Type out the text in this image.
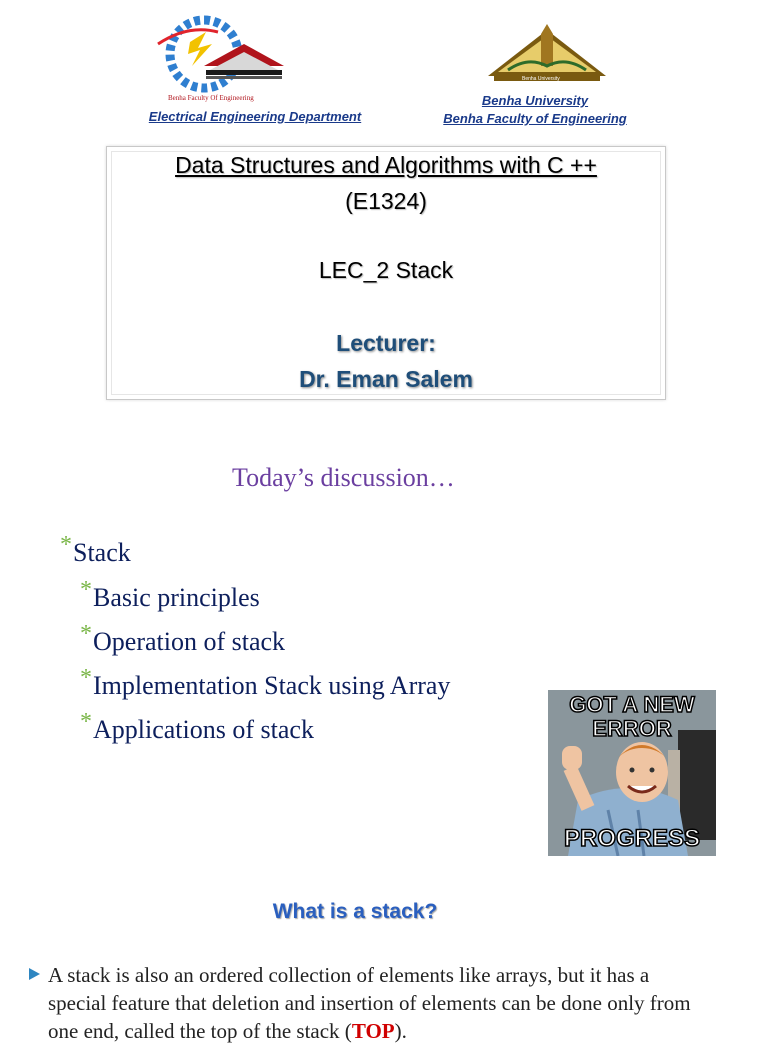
Benha Faculty Of Engineering
Benha University
Electrical Engineering Department
Benha University
Benha Faculty of Engineering
Data Structures and Algorithms with C ++
(E1324)
LEC_2 Stack
Lecturer:
Dr. Eman Salem
Today’s discussion…
*Stack
*Basic principles
*Operation of stack
*Implementation Stack using Array
*Applications of stack
GOT A NEW
ERROR
PROGRESS
What is a stack?
A stack is also an ordered collection of elements like arrays, but it has a
special feature that deletion and insertion of elements can be done only from
one end, called the top of the stack (TOP).
